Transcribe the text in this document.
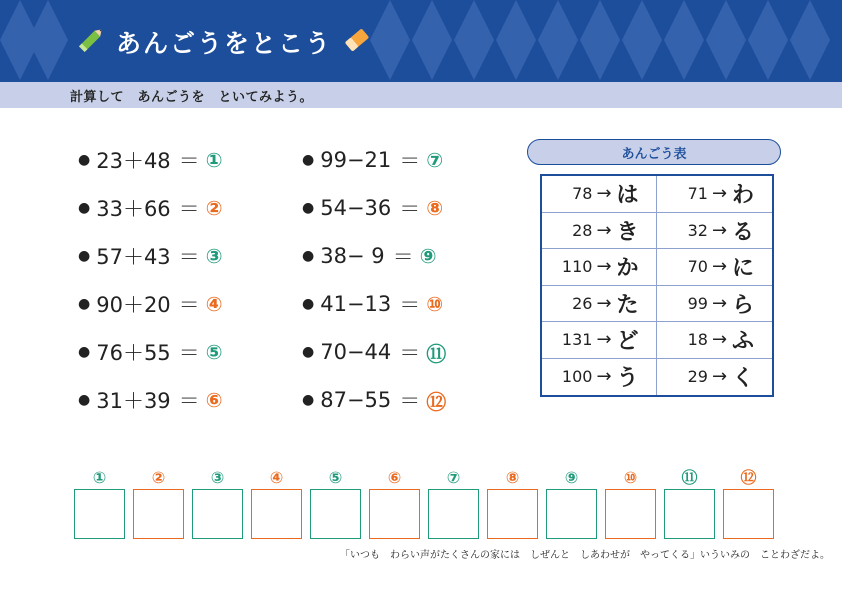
あんごうをとこう
計算して　あんごうを　といてみよう。
● 23＋48 ＝ ①
● 33＋66 ＝ ②
● 57＋43 ＝ ③
● 90＋20 ＝ ④
● 76＋55 ＝ ⑤
● 31＋39 ＝ ⑥
● 99−21 ＝ ⑦
● 54−36 ＝ ⑧
● 38− 9 ＝ ⑨
● 41−13 ＝ ⑩
● 70−44 ＝ ⑪
● 87−55 ＝ ⑫
あんごう表
78 → は	71 → わ
28 → き	32 → る
110 → か	70 → に
26 → た	99 → ら
131 → ど	18 → ふ
100 → う	29 → く
①	②	③	④	⑤	⑥	⑦	⑧	⑨	⑩	⑪	⑫
「いつも　わらい声がたくさんの家には　しぜんと　しあわせが　やってくる」いういみの　ことわざだよ。
